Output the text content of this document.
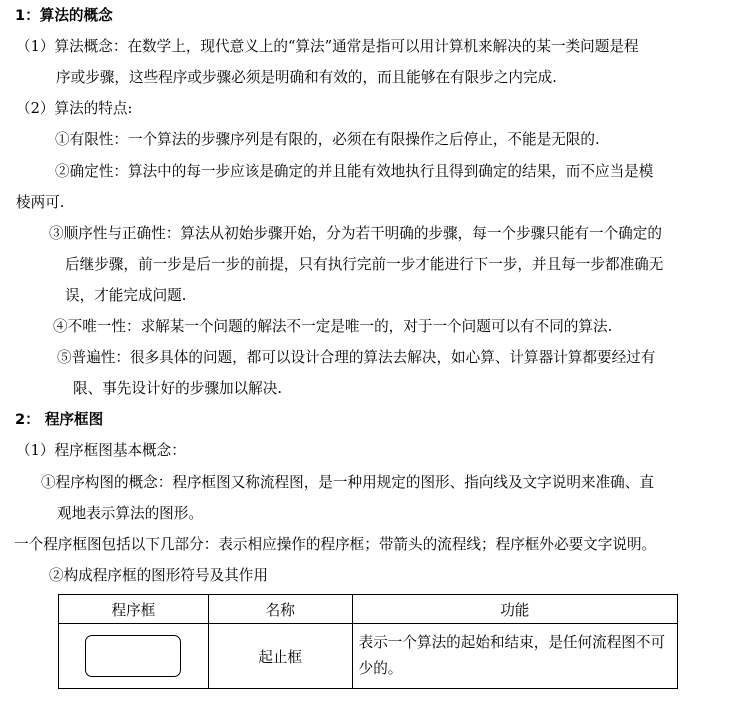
1：算法的概念
（1）算法概念：在数学上，现代意义上的“算法”通常是指可以用计算机来解决的某一类问题是程
序或步骤，这些程序或步骤必须是明确和有效的，而且能够在有限步之内完成.
（2）算法的特点:
①有限性：一个算法的步骤序列是有限的，必须在有限操作之后停止，不能是无限的.
②确定性：算法中的每一步应该是确定的并且能有效地执行且得到确定的结果，而不应当是模
棱两可.
③顺序性与正确性：算法从初始步骤开始，分为若干明确的步骤，每一个步骤只能有一个确定的
后继步骤，前一步是后一步的前提，只有执行完前一步才能进行下一步，并且每一步都准确无
误，才能完成问题.
④不唯一性：求解某一个问题的解法不一定是唯一的，对于一个问题可以有不同的算法.
⑤普遍性：很多具体的问题，都可以设计合理的算法去解决，如心算、计算器计算都要经过有
限、事先设计好的步骤加以解决.
2： 程序框图
（1）程序框图基本概念：
①程序构图的概念：程序框图又称流程图，是一种用规定的图形、指向线及文字说明来准确、直
观地表示算法的图形。
一个程序框图包括以下几部分：表示相应操作的程序框；带箭头的流程线；程序框外必要文字说明。
②构成程序框的图形符号及其作用
程序框	名称	功能

	起止框	表示一个算法的起始和结束，是任何流程图不可少的。
